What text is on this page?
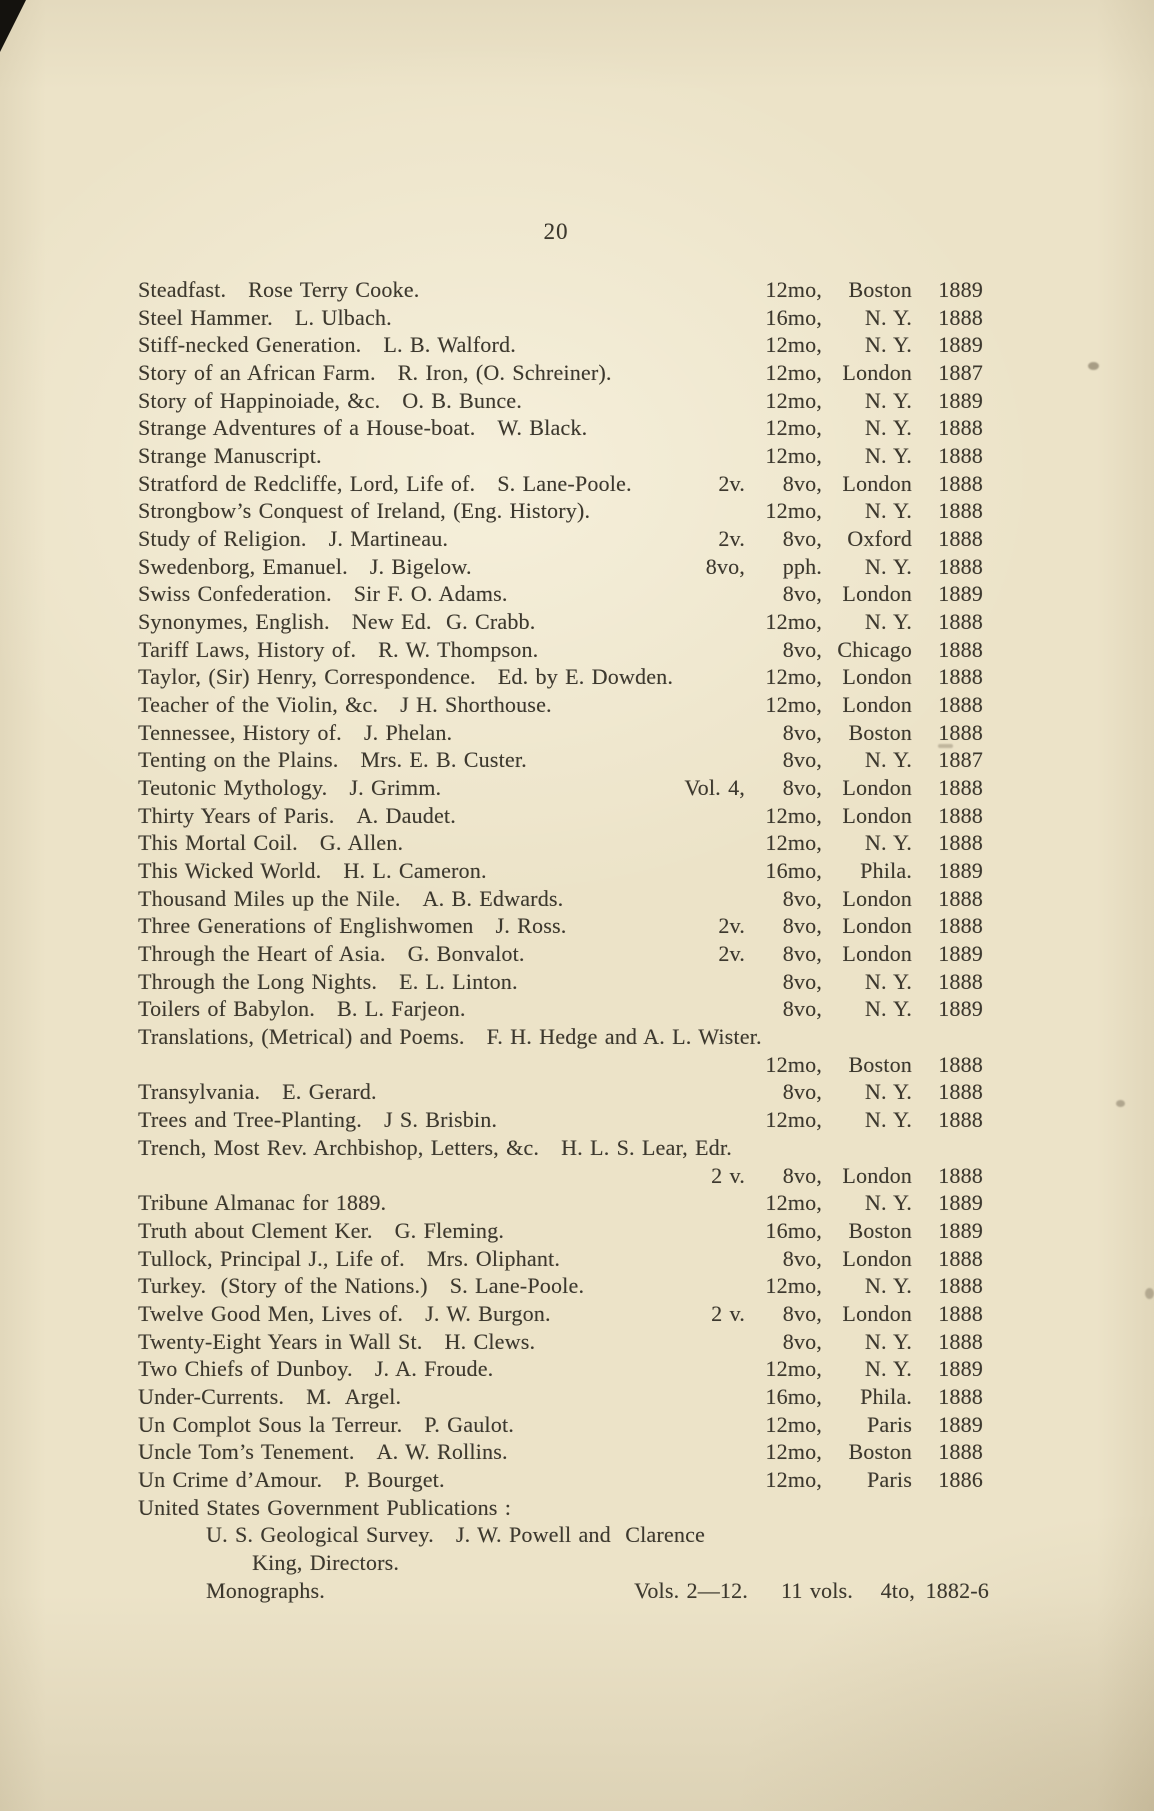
20
Steadfast. Rose Terry Cooke.	12mo, Boston 1889
Steel Hammer. L. Ulbach.	16mo, N. Y. 1888
Stiff-necked Generation. L. B. Walford.	12mo, N. Y. 1889
Story of an African Farm. R. Iron, (O. Schreiner).	12mo, London 1887
Story of Happinoiade, &c. O. B. Bunce.	12mo, N. Y. 1889
Strange Adventures of a House-boat. W. Black.	12mo, N. Y. 1888
Strange Manuscript.	12mo, N. Y. 1888
Stratford de Redcliffe, Lord, Life of. S. Lane-Poole.	2v. 8vo, London 1888
Strongbow’s Conquest of Ireland, (Eng. History).	12mo, N. Y. 1888
Study of Religion. J. Martineau.	2v. 8vo, Oxford 1888
Swedenborg, Emanuel. J. Bigelow.	8vo, pph. N. Y. 1888
Swiss Confederation. Sir F. O. Adams.	8vo, London 1889
Synonymes, English. New Ed.  G. Crabb.	12mo, N. Y. 1888
Tariff Laws, History of. R. W. Thompson.	8vo, Chicago 1888
Taylor, (Sir) Henry, Correspondence. Ed. by E. Dowden.	12mo, London 1888
Teacher of the Violin, &c. J H. Shorthouse.	12mo, London 1888
Tennessee, History of. J. Phelan.	8vo, Boston 1888
Tenting on the Plains. Mrs. E. B. Custer.	8vo, N. Y. 1887
Teutonic Mythology. J. Grimm.	Vol. 4, 8vo, London 1888
Thirty Years of Paris. A. Daudet.	12mo, London 1888
This Mortal Coil. G. Allen.	12mo, N. Y. 1888
This Wicked World. H. L. Cameron.	16mo, Phila. 1889
Thousand Miles up the Nile. A. B. Edwards.	8vo, London 1888
Three Generations of Englishwomen J. Ross.	2v. 8vo, London 1888
Through the Heart of Asia. G. Bonvalot.	2v. 8vo, London 1889
Through the Long Nights. E. L. Linton.	8vo, N. Y. 1888
Toilers of Babylon. B. L. Farjeon.	8vo, N. Y. 1889
Translations, (Metrical) and Poems. F. H. Hedge and A. L. Wister.
12mo, Boston 1888
Transylvania. E. Gerard.	8vo, N. Y. 1888
Trees and Tree-Planting. J S. Brisbin.	12mo, N. Y. 1888
Trench, Most Rev. Archbishop, Letters, &c. H. L. S. Lear, Edr.
2 v. 8vo, London 1888
Tribune Almanac for 1889.	12mo, N. Y. 1889
Truth about Clement Ker. G. Fleming.	16mo, Boston 1889
Tullock, Principal J., Life of. Mrs. Oliphant.	8vo, London 1888
Turkey.  (Story of the Nations.) S. Lane-Poole.	12mo, N. Y. 1888
Twelve Good Men, Lives of. J. W. Burgon.	2 v. 8vo, London 1888
Twenty-Eight Years in Wall St. H. Clews.	8vo, N. Y. 1888
Two Chiefs of Dunboy. J. A. Froude.	12mo, N. Y. 1889
Under-Currents. M.  Argel.	16mo, Phila. 1888
Un Complot Sous la Terreur. P. Gaulot.	12mo, Paris 1889
Uncle Tom’s Tenement. A. W. Rollins.	12mo, Boston 1888
Un Crime d’Amour. P. Bourget.	12mo, Paris 1886
United States Government Publications :
U. S. Geological Survey. J. W. Powell and  Clarence
King, Directors.
Monographs.	Vols. 2—12. 11 vols. 4to, 1882-6
